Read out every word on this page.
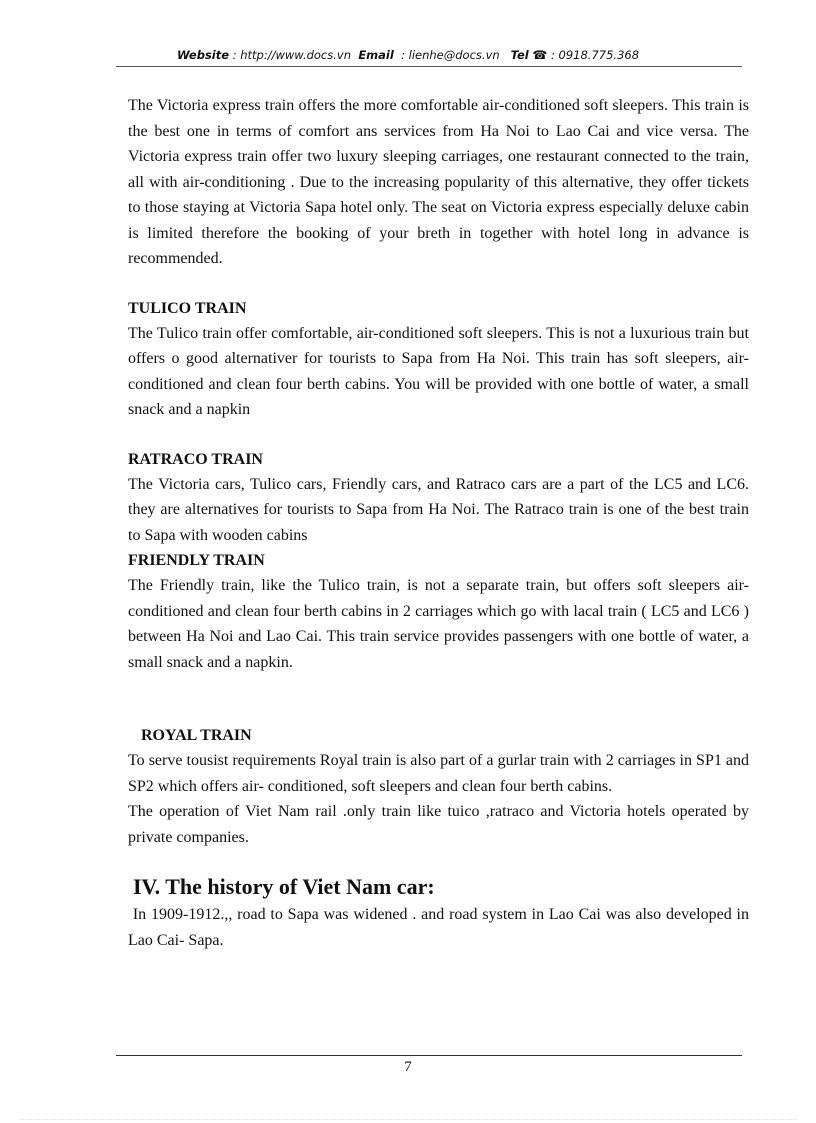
Website : http://www.docs.vn Email : lienhe@docs.vn Tel ☎ : 0918.775.368

The Victoria express train offers the more comfortable air-conditioned soft sleepers. This train is the best one in terms of comfort ans services from Ha Noi to Lao Cai and vice versa. The Victoria express train offer two luxury sleeping carriages, one restaurant connected to the train, all with air-conditioning . Due to the increasing popularity of this alternative, they offer tickets to those staying at Victoria Sapa hotel only. The seat on Victoria express especially deluxe cabin is limited therefore the booking of your breth in together with hotel long in advance is recommended.

TULICO TRAIN

The Tulico train offer comfortable, air-conditioned soft sleepers. This is not a luxurious train but offers o good alternativer for tourists to Sapa from Ha Noi. This train has soft sleepers, air- conditioned and clean four berth cabins. You will be provided with one bottle of water, a small snack and a napkin

RATRACO TRAIN

The Victoria cars, Tulico cars, Friendly cars, and Ratraco cars are a part of the LC5 and LC6. they are alternatives for tourists to Sapa from Ha Noi. The Ratraco train is one of the best train to Sapa with wooden cabins

FRIENDLY TRAIN

The Friendly train, like the Tulico train, is not a separate train, but offers soft sleepers air- conditioned and clean four berth cabins in 2 carriages which go with lacal train ( LC5 and LC6 ) between Ha Noi and Lao Cai. This train service provides passengers with one bottle of water, a small snack and a napkin.

ROYAL TRAIN

To serve tousist requirements Royal train is also part of a gurlar train with 2 carriages in SP1 and SP2 which offers air- conditioned, soft sleepers and clean four berth cabins.

The operation of Viet Nam rail .only train like tuico ,ratraco and Victoria hotels operated by private companies.

IV. The history of Viet Nam car:

In 1909-1912.,, road to Sapa was widened . and road system in Lao Cai was also developed in Lao Cai- Sapa.

7
